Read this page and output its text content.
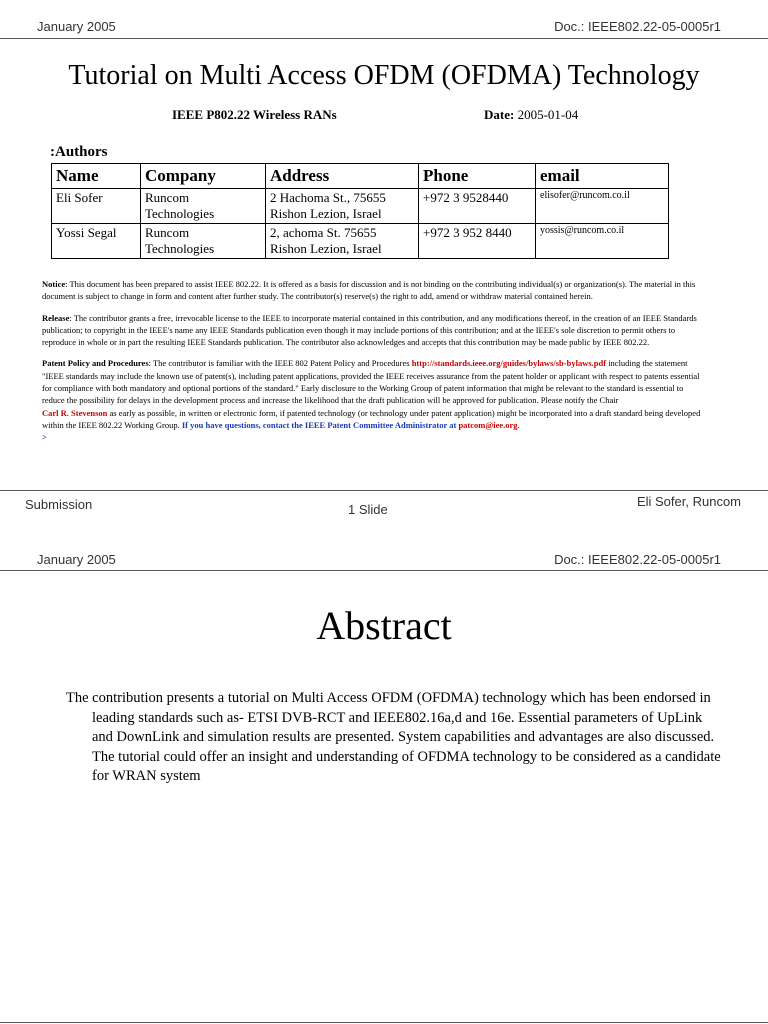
January 2005	Doc.: IEEE802.22-05-0005r1
Tutorial on Multi Access OFDM (OFDMA) Technology
IEEE P802.22 Wireless RANs	Date: 2005-01-04
:Authors
Name	Company	Address	Phone	email
Eli Sofer	Runcom Technologies	2 Hachoma St., 75655 Rishon Lezion, Israel	+972 3 9528440	elisofer@runcom.co.il
Yossi Segal	Runcom Technologies	2, achoma St. 75655 Rishon Lezion, Israel	+972 3 952 8440	yossis@runcom.co.il

Notice: This document has been prepared to assist IEEE 802.22. It is offered as a basis for discussion and is not binding on the contributing individual(s) or organization(s). The material in this document is subject to change in form and content after further study. The contributor(s) reserve(s) the right to add, amend or withdraw material contained herein.

Release: The contributor grants a free, irrevocable license to the IEEE to incorporate material contained in this contribution, and any modifications thereof, in the creation of an IEEE Standards publication; to copyright in the IEEE's name any IEEE Standards publication even though it may include portions of this contribution; and at the IEEE's sole discretion to permit others to reproduce in whole or in part the resulting IEEE Standards publication. The contributor also acknowledges and accepts that this contribution may be made public by IEEE 802.22.

Patent Policy and Procedures: The contributor is familiar with the IEEE 802 Patent Policy and Procedures http://standards.ieee.org/guides/bylaws/sb-bylaws.pdf including the statement "IEEE standards may include the known use of patent(s), including patent applications, provided the IEEE receives assurance from the patent holder or applicant with respect to patents essential for compliance with both mandatory and optional portions of the standard." Early disclosure to the Working Group of patent information that might be relevant to the standard is essential to reduce the possibility for delays in the development process and increase the likelihood that the draft publication will be approved for publication. Please notify the Chair
Carl R. Stevenson as early as possible, in written or electronic form, if patented technology (or technology under patent application) might be incorporated into a draft standard being developed within the IEEE 802.22 Working Group. If you have questions, contact the IEEE Patent Committee Administrator at patcom@iee.org.
>

Submission	1 Slide
Eli Sofer, Runcom
January 2005	Doc.: IEEE802.22-05-0005r1
Abstract
The contribution presents a tutorial on Multi Access OFDM (OFDMA) technology which has been endorsed in leading standards such as- ETSI DVB-RCT and IEEE802.16a,d and 16e. Essential parameters of UpLink and DownLink and simulation results are presented. System capabilities and advantages are also discussed. The tutorial could offer an insight and understanding of OFDMA technology to be considered as a candidate for WRAN system
